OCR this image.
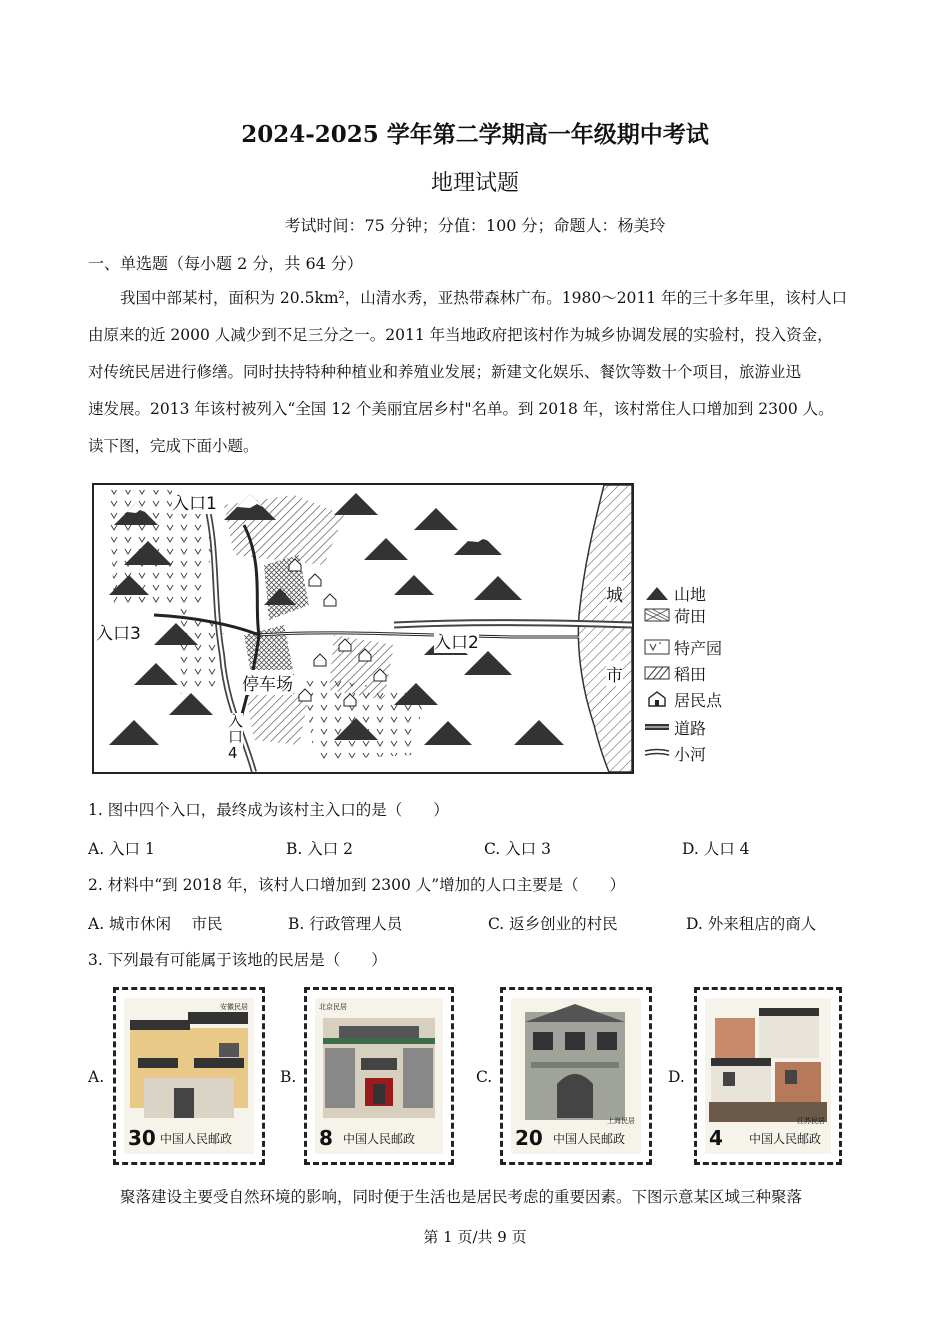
2024-2025 学年第二学期高一年级期中考试
地理试题
考试时间：75 分钟；分值：100 分；命题人：杨美玲
一、单选题（每小题 2 分，共 64 分）

我国中部某村，面积为 20.5km²，山清水秀，亚热带森林广布。1980～2011 年的三十多年里，该村人口

由原来的近 2000 人减少到不足三分之一。2011 年当地政府把该村作为城乡协调发展的实验村，投入资金，

对传统民居进行修缮。同时扶持特种种植业和养殖业发展；新建文化娱乐、餐饮等数十个项目，旅游业迅

速发展。2013 年该村被列入“全国 12 个美丽宜居乡村"名单。到 2018 年，该村常住人口增加到 2300 人。

读下图，完成下面小题。

入口1
入口2
入口3
入
口
4
停车场
城
市
山地
荷田
特产园
稻田
居民点
道路
小河
1. 图中四个入口，最终成为该村主入口的是（　　）
A. 入口 1	B. 入口 2	C. 入口 3	D. 人口 4
2. 材料中“到 2018 年，该村人口增加到 2300 人”增加的人口主要是（　　）
A. 城市休闲　 市民	B. 行政管理人员	C. 返乡创业的村民	D. 外来租店的商人
3. 下列最有可能属于该地的民居是（　　）
A.
30 中国人民邮政
安徽民居
B.
8 中国人民邮政
北京民居
C.
20 中国人民邮政
上海民居
D.
4 中国人民邮政
江苏民居
聚落建设主要受自然环境的影响，同时便于生活也是居民考虑的重要因素。下图示意某区域三种聚落
第 1 页/共 9 页
